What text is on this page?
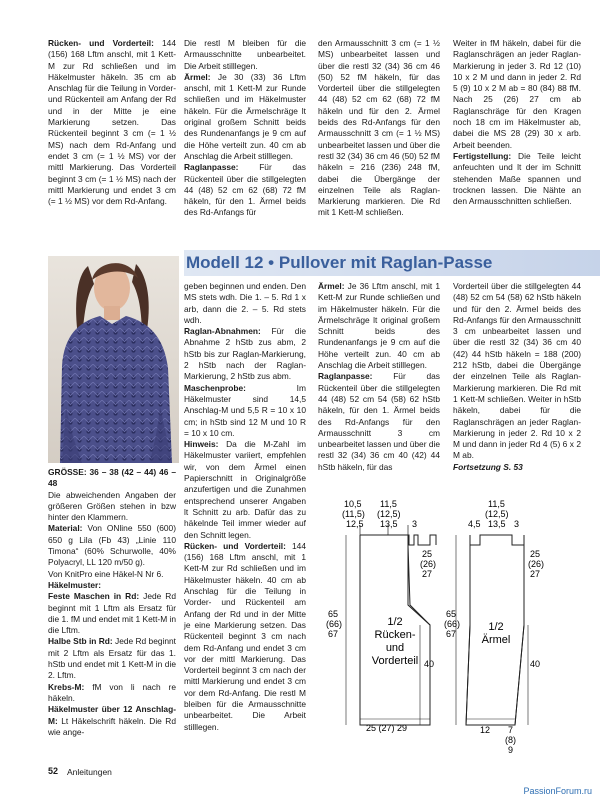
Rücken- und Vorderteil: 144 (156) 168 Lftm anschl, mit 1 Kett-M zur Rd schließen und im Häkelmuster häkeln. 35 cm ab Anschlag für die Teilung in Vorder- und Rückenteil am Anfang der Rd und in der Mitte je eine Markierung setzen. Das Rückenteil beginnt 3 cm (= 1 ½ MS) nach dem Rd-Anfang und endet 3 cm (= 1 ½ MS) vor der mittl Markierung. Das Vorderteil beginnt 3 cm (= 1 ½ MS) nach der mittl Markierung und endet 3 cm (= 1 ½ MS) vor dem Rd-Anfang.

Die restl M bleiben für die Armausschnitte unbearbeitet. Die Arbeit stilllegen.

Ärmel: Je 30 (33) 36 Lftm anschl, mit 1 Kett-M zur Runde schließen und im Häkelmuster häkeln. Für die Ärmelschräge lt original großem Schnitt beids des Rundenanfangs je 9 cm auf die Höhe verteilt zun. 40 cm ab Anschlag die Arbeit stilllegen.

Raglanpasse: Für das Rückenteil über die stillgelegten 44 (48) 52 cm 62 (68) 72 fM häkeln, für den 1. Ärmel beids des Rd-Anfangs für

den Armausschnitt 3 cm (= 1 ½ MS) unbearbeitet lassen und über die restl 32 (34) 36 cm 46 (50) 52 fM häkeln, für das Vorderteil über die stillgelegten 44 (48) 52 cm 62 (68) 72 fM häkeln und für den 2. Ärmel beids des Rd-Anfangs für den Armausschnitt 3 cm (= 1 ½ MS) unbearbeitet lassen und über die restl 32 (34) 36 cm 46 (50) 52 fM häkeln = 216 (236) 248 fM, dabei die Übergänge der einzelnen Teile als Raglan-Markierung markieren. Die Rd mit 1 Kett-M schließen.

Weiter in fM häkeln, dabei für die Raglanschrägen an jeder Raglan-Markierung in jeder 3. Rd 12 (10) 10 x 2 M und dann in jeder 2. Rd 5 (9) 10 x 2 M ab = 80 (84) 88 fM. Nach 25 (26) 27 cm ab Raglanschräge für den Kragen noch 18 cm im Häkelmuster ab, dabei die MS 28 (29) 30 x arb. Arbeit beenden.

Fertigstellung: Die Teile leicht anfeuchten und lt der im Schnitt stehenden Maße spannen und trocknen lassen. Die Nähte an den Armausschnitten schließen.

Modell 12 • Pullover mit Raglan-Passe

GRÖSSE: 36 – 38 (42 – 44) 46 – 48

Die abweichenden Angaben der größeren Größen stehen in bzw hinter den Klammern.

Material: Von ONline 550 (600) 650 g Lila (Fb 43) „Linie 110 Timona“ (60% Schurwolle, 40% Polyacryl, LL 120 m/50 g).

Von KnitPro eine Häkel-N Nr 6.

Häkelmuster:

Feste Maschen in Rd: Jede Rd beginnt mit 1 Lftm als Ersatz für die 1. fM und endet mit 1 Kett-M in die Lftm.

Halbe Stb in Rd: Jede Rd beginnt mit 2 Lftm als Ersatz für das 1. hStb und endet mit 1 Kett-M in die 2. Lftm.

Krebs-M: fM von li nach re häkeln.

Häkelmuster über 12 Anschlag-M: Lt Häkelschrift häkeln. Die Rd wie ange-

geben beginnen und enden. Den MS stets wdh. Die 1. – 5. Rd 1 x arb, dann die 2. – 5. Rd stets wdh.

Raglan-Abnahmen: Für die Abnahme 2 hStb zus abm, 2 hStb bis zur Raglan-Markierung, 2 hStb nach der Raglan-Markierung, 2 hStb zus abm.

Maschenprobe: Im Häkelmuster sind 14,5 Anschlag-M und 5,5 R = 10 x 10 cm; in hStb sind 12 M und 10 R = 10 x 10 cm.

Hinweis: Da die M-Zahl im Häkelmuster variiert, empfehlen wir, von dem Ärmel einen Papierschnitt in Originalgröße anzufertigen und die Zunahmen entsprechend unserer Angaben lt Schnitt zu arb. Dafür das zu häkelnde Teil immer wieder auf den Schnitt legen.

Rücken- und Vorderteil: 144 (156) 168 Lftm anschl, mit 1 Kett-M zur Rd schließen und im Häkelmuster häkeln. 40 cm ab Anschlag für die Teilung in Vorder- und Rückenteil am Anfang der Rd und in der Mitte je eine Markierung setzen. Das Rückenteil beginnt 3 cm nach dem Rd-Anfang und endet 3 cm vor der mittl Markierung. Das Vorderteil beginnt 3 cm nach der mittl Markierung und endet 3 cm vor dem Rd-Anfang. Die restl M bleiben für die Armausschnitte unbearbeitet. Die Arbeit stilllegen.

Ärmel: Je 36 Lftm anschl, mit 1 Kett-M zur Runde schließen und im Häkelmuster häkeln. Für die Ärmelschräge lt original großem Schnitt beids des Rundenanfangs je 9 cm auf die Höhe verteilt zun. 40 cm ab Anschlag die Arbeit stilllegen.

Raglanpasse: Für das Rückenteil über die stillgelegten 44 (48) 52 cm 54 (58) 62 hStb häkeln, für den 1. Ärmel beids des Rd-Anfangs für den Armausschnitt 3 cm unbearbeitet lassen und über die restl 32 (34) 36 cm 40 (42) 44 hStb häkeln, für das

Vorderteil über die stillgelegten 44 (48) 52 cm 54 (58) 62 hStb häkeln und für den 2. Ärmel beids des Rd-Anfangs für den Armausschnitt 3 cm unbearbeitet lassen und über die restl 32 (34) 36 cm 40 (42) 44 hStb häkeln = 188 (200) 212 hStb, dabei die Übergänge der einzelnen Teile als Raglan-Markierung markieren. Die Rd mit 1 Kett-M schließen. Weiter in hStb häkeln, dabei für die Raglanschrägen an jeder Raglan-Markierung in jeder 2. Rd 10 x 2 M und dann in jeder Rd 4 (5) 6 x 2 M ab.

Fortsetzung S. 53

10,5
(11,5)
12,5
11,5
(12,5)
13,5 3
25
(26)
27
65
(66)
67
1/2
Rücken-
und
Vorderteil 40
25 (27) 29
4,5
11,5
(12,5)
13,5 3
25
(26)
27
65
(66)
67
1/2
Ärmel
40
12 7
(8)
9
52 Anleitungen
PassionForum.ru
